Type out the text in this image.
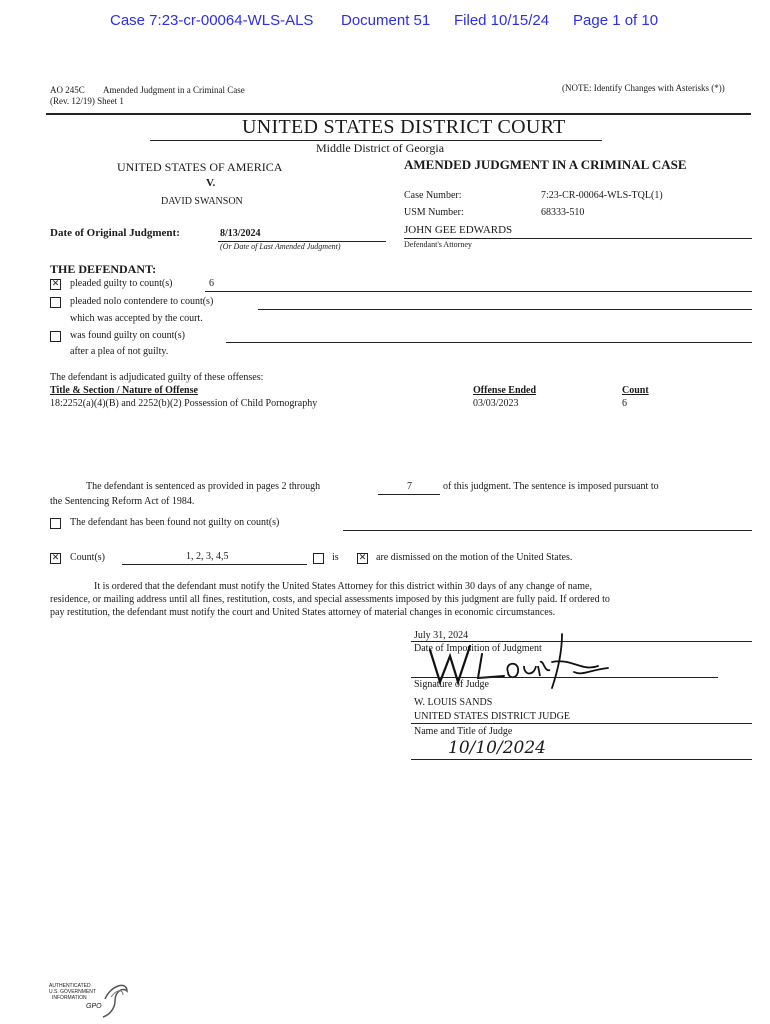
Case 7:23-cr-00064-WLS-ALS Document 51 Filed 10/15/24 Page 1 of 10
AO 245C Amended Judgment in a Criminal Case
(Rev. 12/19) Sheet 1
(NOTE: Identify Changes with Asterisks (*))
UNITED STATES DISTRICT COURT
Middle District of Georgia
UNITED STATES OF AMERICA
V.
DAVID SWANSON
AMENDED JUDGMENT IN A CRIMINAL CASE
Case Number:	7:23-CR-00064-WLS-TQL(1)
USM Number:	68333-510
JOHN GEE EDWARDS
Defendant's Attorney
Date of Original Judgment:	8/13/2024
(Or Date of Last Amended Judgment)
THE DEFENDANT:
✕ pleaded guilty to count(s)	6
pleaded nolo contendere to count(s)
which was accepted by the court.
was found guilty on count(s)
after a plea of not guilty.
The defendant is adjudicated guilty of these offenses:
Title & Section / Nature of Offense	Offense Ended	Count
18:2252(a)(4)(B) and 2252(b)(2) Possession of Child Pornography	03/03/2023	6
The defendant is sentenced as provided in pages 2 through	7	of this judgment. The sentence is imposed pursuant to
the Sentencing Reform Act of 1984.
The defendant has been found not guilty on count(s)
✕ Count(s)	1, 2, 3, 4,5	is ✕ are dismissed on the motion of the United States.
It is ordered that the defendant must notify the United States Attorney for this district within 30 days of any change of name,
residence, or mailing address until all fines, restitution, costs, and special assessments imposed by this judgment are fully paid. If ordered to
pay restitution, the defendant must notify the court and United States attorney of material changes in economic circumstances.
July 31, 2024
Date of Imposition of Judgment
Signature of Judge
W. LOUIS SANDS
UNITED STATES DISTRICT JUDGE
Name and Title of Judge
10/10/2024
AUTHENTICATED
U.S. GOVERNMENT
INFORMATION
GPO
